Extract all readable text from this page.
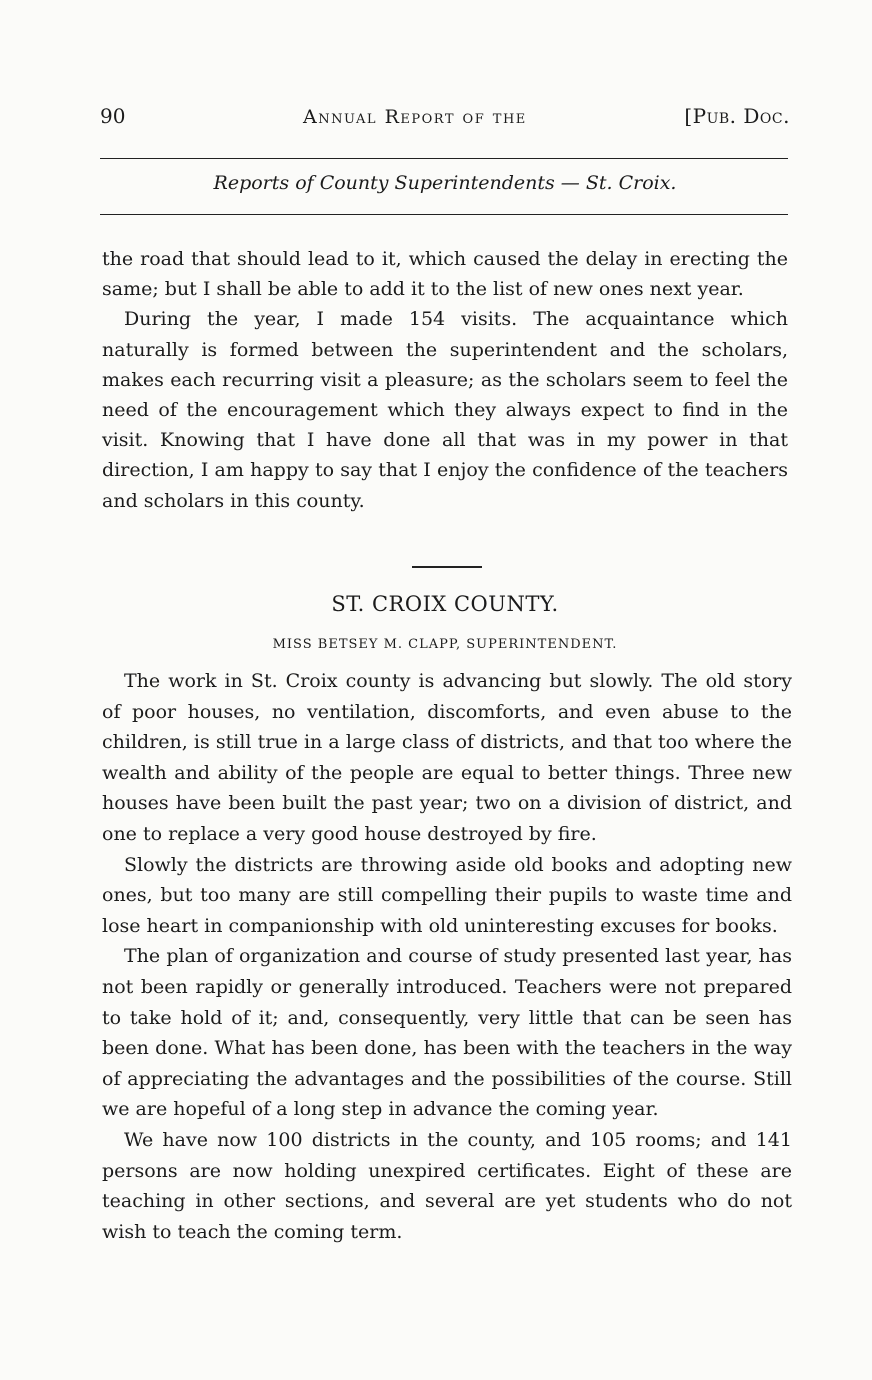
90	Annual Report of the	[Pub. Doc.
Reports of County Superintendents — St. Croix.

the road that should lead to it, which caused the delay in erecting the same; but I shall be able to add it to the list of new ones next year.

During the year, I made 154 visits. The acquaintance which naturally is formed between the superintendent and the scholars, makes each recurring visit a pleasure; as the scholars seem to feel the need of the encouragement which they always expect to find in the visit. Knowing that I have done all that was in my power in that direction, I am happy to say that I enjoy the confidence of the teachers and scholars in this county.

ST. CROIX COUNTY.
MISS BETSEY M. CLAPP, SUPERINTENDENT.

The work in St. Croix county is advancing but slowly. The old story of poor houses, no ventilation, discomforts, and even abuse to the children, is still true in a large class of districts, and that too where the wealth and ability of the people are equal to better things. Three new houses have been built the past year; two on a division of district, and one to replace a very good house destroyed by fire.

Slowly the districts are throwing aside old books and adopting new ones, but too many are still compelling their pupils to waste time and lose heart in companionship with old uninteresting excuses for books.

The plan of organization and course of study presented last year, has not been rapidly or generally introduced. Teachers were not prepared to take hold of it; and, consequently, very little that can be seen has been done. What has been done, has been with the teachers in the way of appreciating the advantages and the possibilities of the course. Still we are hopeful of a long step in advance the coming year.

We have now 100 districts in the county, and 105 rooms; and 141 persons are now holding unexpired certificates. Eight of these are teaching in other sections, and several are yet students who do not wish to teach the coming term.
